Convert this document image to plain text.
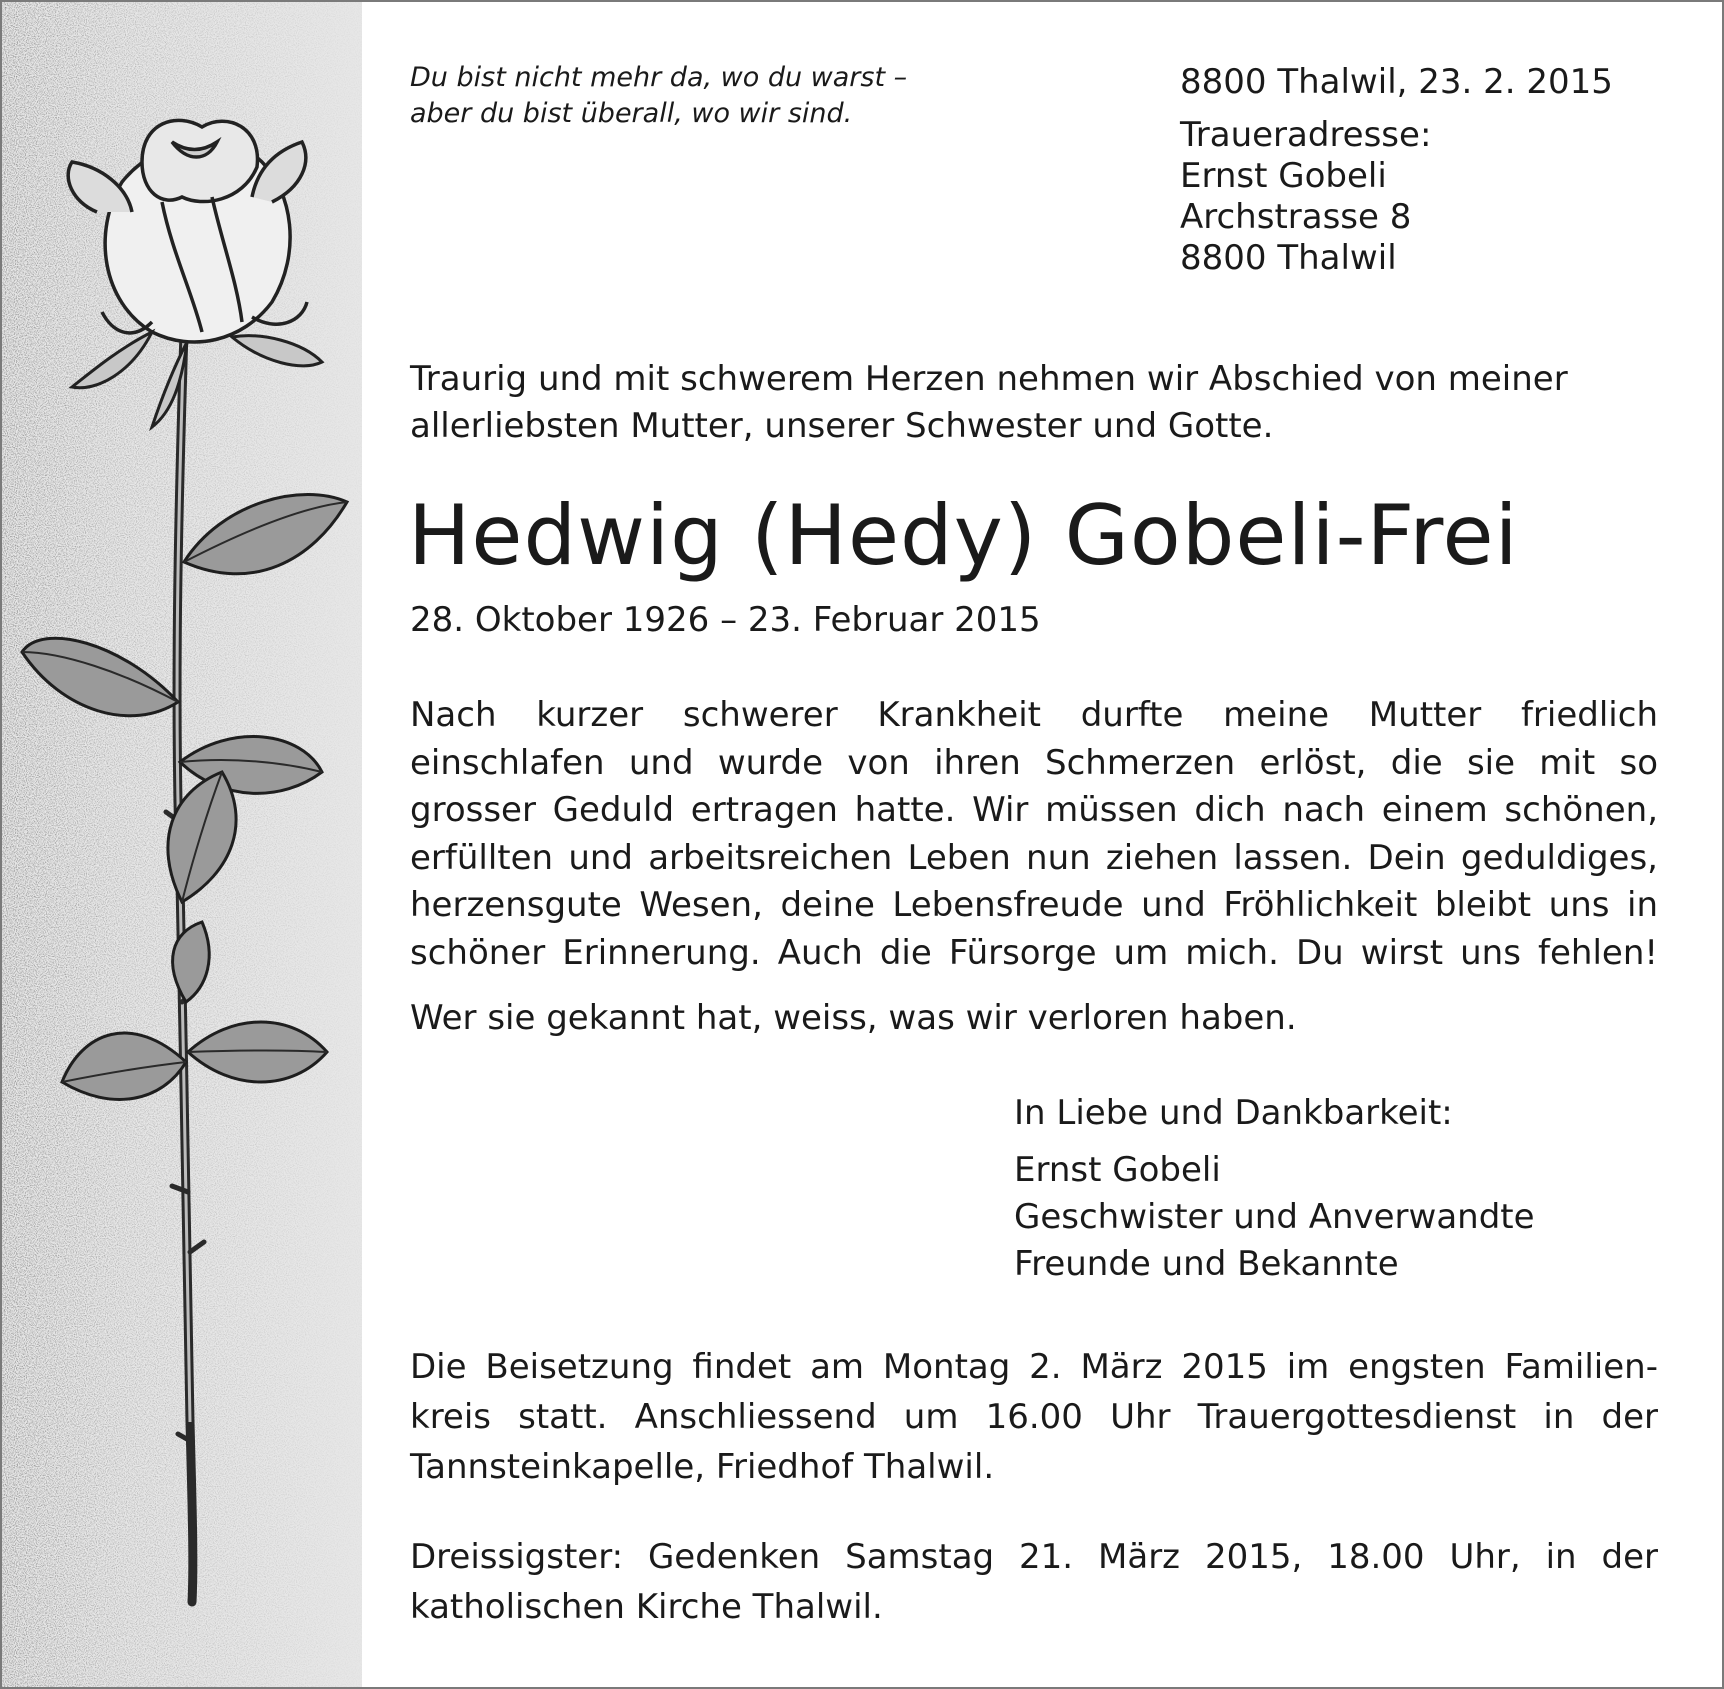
Du bist nicht mehr da, wo du warst –
aber du bist überall, wo wir sind.
8800 Thalwil, 23. 2. 2015
Traueradresse:
Ernst Gobeli
Archstrasse 8
8800 Thalwil
Traurig und mit schwerem Herzen nehmen wir Abschied von meiner
allerliebsten Mutter, unserer Schwester und Gotte.
Hedwig (Hedy) Gobeli-Frei
28. Oktober 1926 – 23. Februar 2015
Nach kurzer schwerer Krankheit durfte meine Mutter friedlich
einschlafen und wurde von ihren Schmerzen erlöst, die sie mit so
grosser Geduld ertragen hatte. Wir müssen dich nach einem schönen,
erfüllten und arbeitsreichen Leben nun ziehen lassen. Dein geduldiges,
herzensgute Wesen, deine Lebensfreude und Fröhlichkeit bleibt uns in
schöner Erinnerung. Auch die Fürsorge um mich. Du wirst uns fehlen!
Wer sie gekannt hat, weiss, was wir verloren haben.
In Liebe und Dankbarkeit:
Ernst Gobeli
Geschwister und Anverwandte
Freunde und Bekannte
Die Beisetzung findet am Montag 2. März 2015 im engsten Familien-
kreis statt. Anschliessend um 16.00 Uhr Trauergottesdienst in der
Tannsteinkapelle, Friedhof Thalwil.
Dreissigster: Gedenken Samstag 21. März 2015, 18.00 Uhr, in der
katholischen Kirche Thalwil.
